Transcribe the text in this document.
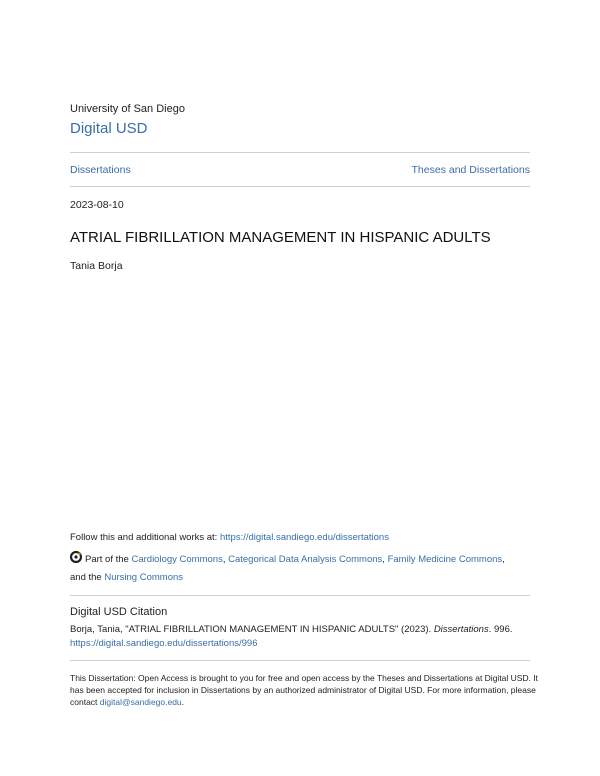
University of San Diego
Digital USD
Dissertations	Theses and Dissertations
2023-08-10
ATRIAL FIBRILLATION MANAGEMENT IN HISPANIC ADULTS
Tania Borja
Follow this and additional works at: https://digital.sandiego.edu/dissertations
Part of the Cardiology Commons, Categorical Data Analysis Commons, Family Medicine Commons,
and the Nursing Commons
Digital USD Citation
Borja, Tania, "ATRIAL FIBRILLATION MANAGEMENT IN HISPANIC ADULTS" (2023). Dissertations. 996.
https://digital.sandiego.edu/dissertations/996
This Dissertation: Open Access is brought to you for free and open access by the Theses and Dissertations at Digital USD. It has been accepted for inclusion in Dissertations by an authorized administrator of Digital USD. For more information, please contact digital@sandiego.edu.
